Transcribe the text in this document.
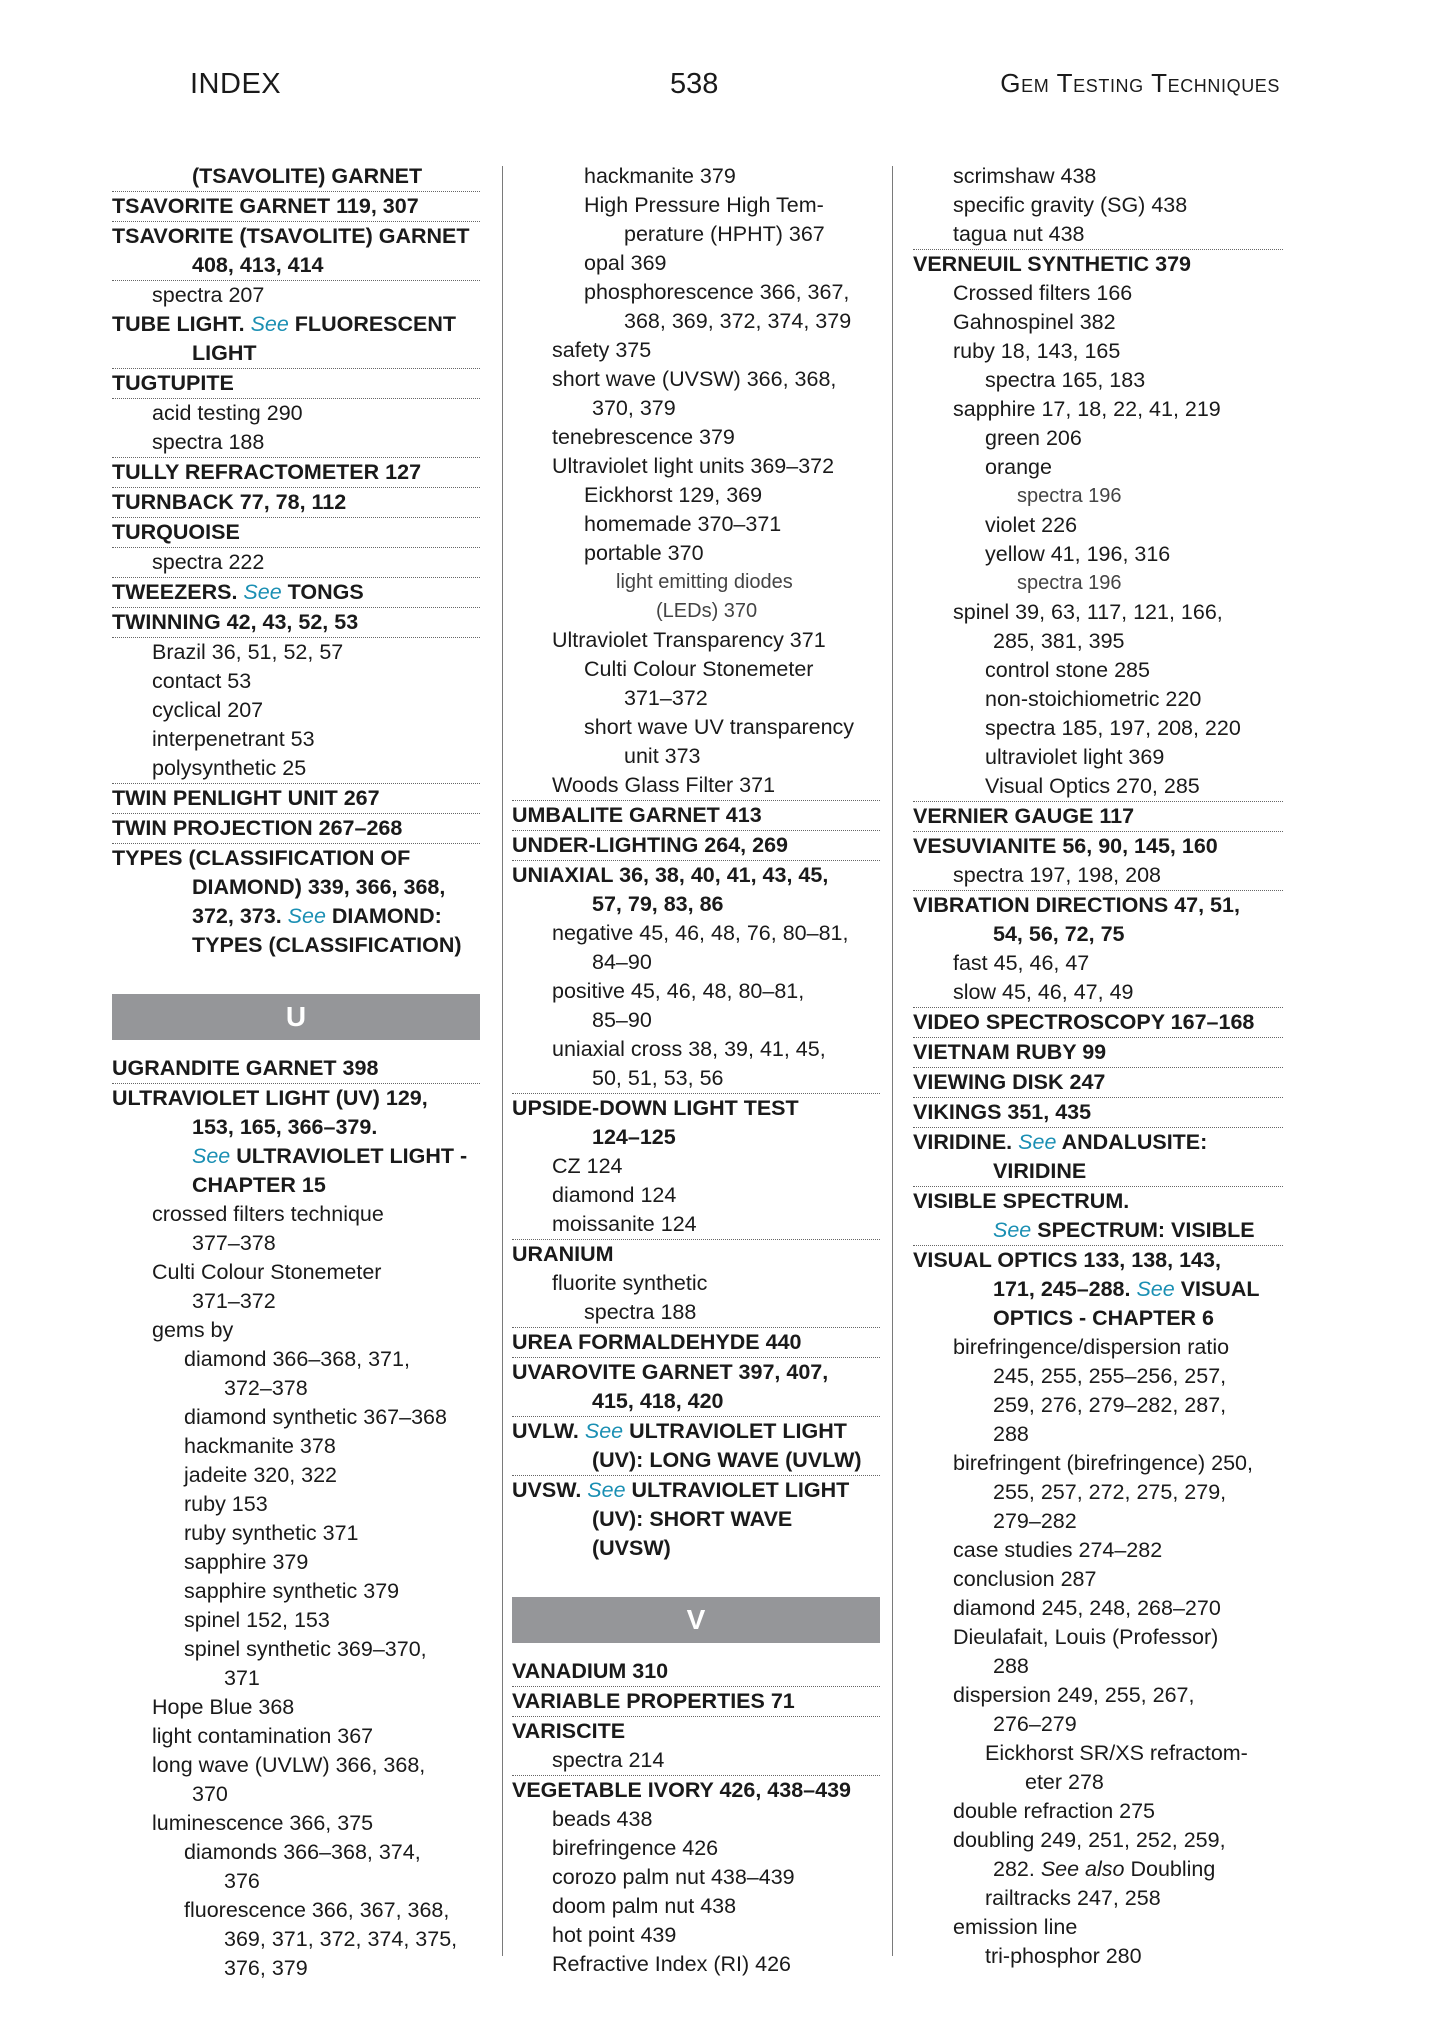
INDEX	538	Gem Testing Techniques
(TSAVOLITE) GARNET
TSAVORITE GARNET 119, 307
TSAVORITE (TSAVOLITE) GARNET
408, 413, 414
spectra 207
TUBE LIGHT. See FLUORESCENT
LIGHT
TUGTUPITE
acid testing 290
spectra 188
TULLY REFRACTOMETER 127
TURNBACK 77, 78, 112
TURQUOISE
spectra 222
TWEEZERS. See TONGS
TWINNING 42, 43, 52, 53
Brazil 36, 51, 52, 57
contact 53
cyclical 207
interpenetrant 53
polysynthetic 25
TWIN PENLIGHT UNIT 267
TWIN PROJECTION 267–268
TYPES (CLASSIFICATION OF
DIAMOND) 339, 366, 368,
372, 373. See DIAMOND:
TYPES (CLASSIFICATION)
U
UGRANDITE GARNET 398
ULTRAVIOLET LIGHT (UV) 129,
153, 165, 366–379.
See ULTRAVIOLET LIGHT -
CHAPTER 15
crossed filters technique
377–378
Culti Colour Stonemeter
371–372
gems by
diamond 366–368, 371,
372–378
diamond synthetic 367–368
hackmanite 378
jadeite 320, 322
ruby 153
ruby synthetic 371
sapphire 379
sapphire synthetic 379
spinel 152, 153
spinel synthetic 369–370,
371
Hope Blue 368
light contamination 367
long wave (UVLW) 366, 368,
370
luminescence 366, 375
diamonds 366–368, 374,
376
fluorescence 366, 367, 368,
369, 371, 372, 374, 375,
376, 379
hackmanite 379
High Pressure High Tem-
perature (HPHT) 367
opal 369
phosphorescence 366, 367,
368, 369, 372, 374, 379
safety 375
short wave (UVSW) 366, 368,
370, 379
tenebrescence 379
Ultraviolet light units 369–372
Eickhorst 129, 369
homemade 370–371
portable 370
light emitting diodes
(LEDs) 370
Ultraviolet Transparency 371
Culti Colour Stonemeter
371–372
short wave UV transparency
unit 373
Woods Glass Filter 371
UMBALITE GARNET 413
UNDER-LIGHTING 264, 269
UNIAXIAL 36, 38, 40, 41, 43, 45,
57, 79, 83, 86
negative 45, 46, 48, 76, 80–81,
84–90
positive 45, 46, 48, 80–81,
85–90
uniaxial cross 38, 39, 41, 45,
50, 51, 53, 56
UPSIDE-DOWN LIGHT TEST
124–125
CZ 124
diamond 124
moissanite 124
URANIUM
fluorite synthetic
spectra 188
UREA FORMALDEHYDE 440
UVAROVITE GARNET 397, 407,
415, 418, 420
UVLW. See ULTRAVIOLET LIGHT
(UV): LONG WAVE (UVLW)
UVSW. See ULTRAVIOLET LIGHT
(UV): SHORT WAVE
(UVSW)
V
VANADIUM 310
VARIABLE PROPERTIES 71
VARISCITE
spectra 214
VEGETABLE IVORY 426, 438–439
beads 438
birefringence 426
corozo palm nut 438–439
doom palm nut 438
hot point 439
Refractive Index (RI) 426
scrimshaw 438
specific gravity (SG) 438
tagua nut 438
VERNEUIL SYNTHETIC 379
Crossed filters 166
Gahnospinel 382
ruby 18, 143, 165
spectra 165, 183
sapphire 17, 18, 22, 41, 219
green 206
orange
spectra 196
violet 226
yellow 41, 196, 316
spectra 196
spinel 39, 63, 117, 121, 166,
285, 381, 395
control stone 285
non-stoichiometric 220
spectra 185, 197, 208, 220
ultraviolet light 369
Visual Optics 270, 285
VERNIER GAUGE 117
VESUVIANITE 56, 90, 145, 160
spectra 197, 198, 208
VIBRATION DIRECTIONS 47, 51,
54, 56, 72, 75
fast 45, 46, 47
slow 45, 46, 47, 49
VIDEO SPECTROSCOPY 167–168
VIETNAM RUBY 99
VIEWING DISK 247
VIKINGS 351, 435
VIRIDINE. See ANDALUSITE:
VIRIDINE
VISIBLE SPECTRUM.
See SPECTRUM: VISIBLE
VISUAL OPTICS 133, 138, 143,
171, 245–288. See VISUAL
OPTICS - CHAPTER 6
birefringence/dispersion ratio
245, 255, 255–256, 257,
259, 276, 279–282, 287,
288
birefringent (birefringence) 250,
255, 257, 272, 275, 279,
279–282
case studies 274–282
conclusion 287
diamond 245, 248, 268–270
Dieulafait, Louis (Professor)
288
dispersion 249, 255, 267,
276–279
Eickhorst SR/XS refractom-
eter 278
double refraction 275
doubling 249, 251, 252, 259,
282. See also Doubling
railtracks 247, 258
emission line
tri-phosphor 280
